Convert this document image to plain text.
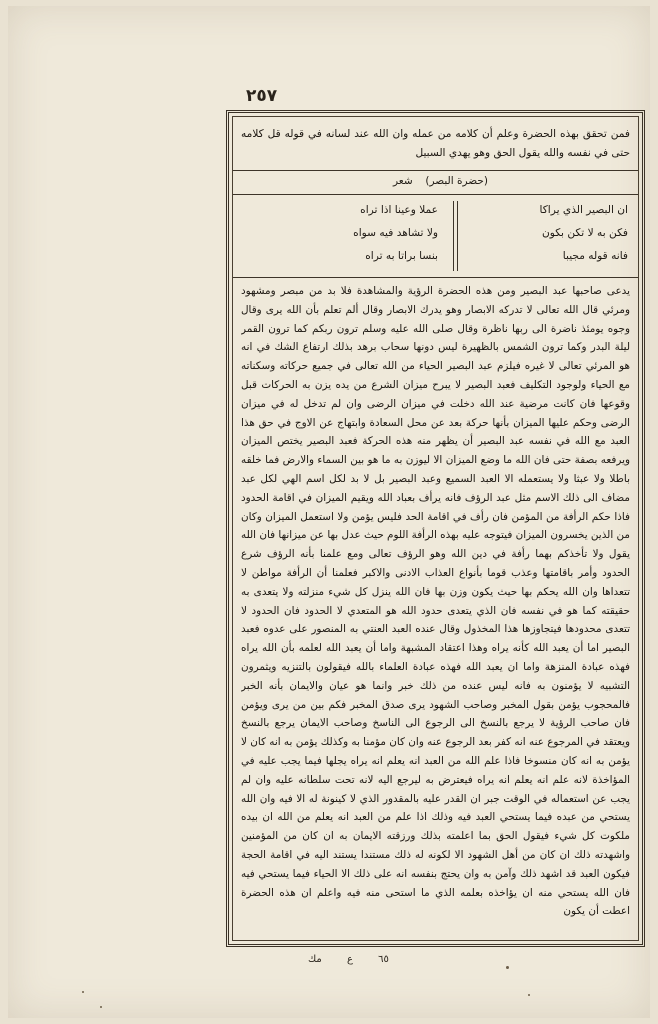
٢٥٧
فمن تحقق بهذه الحضرة وعلم أن كلامه من عمله وان الله عند لسانه في قوله قل كلامه حتى في نفسه والله يقول الحق وهو يهدي السبيل
(حضرة البصر)
شعر
ان البصير الذي يراكا
فكن به لا تكن بكون
فانه قوله مجيبا
عملا وعينا اذا تراه
ولا تشاهد فيه سواه
بنسا براتا به تراه

يدعى صاحبها عبد البصير ومن هذه الحضرة الرؤية والمشاهدة فلا بد من مبصر ومشهود ومرئي قال الله تعالى لا تدركه الابصار وهو يدرك الابصار وقال ألم تعلم بأن الله يرى وقال وجوه يومئذ ناضرة الى ربها ناظرة وقال صلى الله عليه وسلم ترون ربكم كما ترون القمر ليلة البدر وكما ترون الشمس بالظهيرة ليس دونها سحاب برهد بذلك ارتفاع الشك في انه هو المرئي تعالى لا غيره فيلزم عبد البصير الحياء من الله تعالى في جميع حركاته وسكناته مع الحياء ولوجود التكليف فعبد البصير لا يبرح ميزان الشرع من يده يزن به الحركات قبل وقوعها فان كانت مرضية عند الله دخلت في ميزان الرضى وان لم تدخل له في ميزان الرضى وحكم عليها الميزان بأنها حركة بعد عن محل السعادة وابتهاج عن الاوج في حق هذا العبد مع الله في نفسه عبد البصير أن يظهر منه هذه الحركة فعبد البصير يختص الميزان ويرفعه بصفة حتى فان الله ما وضع الميزان الا ليوزن به ما هو بين السماء والارض فما خلقه باطلا ولا عبثا ولا يستعمله الا العبد السميع وعبد البصير بل لا بد لكل اسم الهي لكل عبد مضاف الى ذلك الاسم مثل عبد الرؤف فانه يرأف بعباد الله ويقيم الميزان في اقامة الحدود فاذا حكم الرأفة من المؤمن فان رأف في اقامة الحد فليس يؤمن ولا استعمل الميزان وكان من الذين يخسرون الميزان فيتوجه عليه بهذه الرأفة اللوم حيث عدل بها عن ميزانها فان الله يقول ولا تأخذكم بهما رأفة في دين الله وهو الرؤف تعالى ومع علمنا بأنه الرؤف شرع الحدود وأمر باقامتها وعذب قوما بأنواع العذاب الادنى والاكبر فعلمنا أن الرأفة مواطن لا تتعداها وان الله يحكم بها حيث يكون وزن بها فان الله ينزل كل شيء منزلته ولا يتعدى به حقيقته كما هو في نفسه فان الذي يتعدى حدود الله هو المتعدي لا الحدود فان الحدود لا تتعدى محدودها فيتجاوزها هذا المخذول وقال عنده العبد العنتي به المنصور على عدوه فعبد البصير اما أن يعبد الله كأنه يراه وهذا اعتقاد المشبهة واما أن يعبد الله لعلمه بأن الله يراه فهذه عبادة المنزهة واما ان يعبد الله فهذه عبادة العلماء بالله فيقولون بالتنزيه ويثمرون التشبيه لا يؤمنون به فانه ليس عنده من ذلك خبر وانما هو عيان والايمان بأنه الخبر فالمحجوب يؤمن بقول المخبر وصاحب الشهود يرى صدق المخبر فكم بين من يرى ويؤمن فان صاحب الرؤية لا يرجع بالنسخ الى الرجوع الى الناسخ وصاحب الايمان يرجع بالنسخ ويعتقد في المرجوع عنه انه كفر بعد الرجوع عنه وان كان مؤمنا به وكذلك يؤمن به انه كان لا يؤمن به انه كان منسوخا فاذا علم الله من العبد انه يعلم انه يراه يجلها فيما يجب عليه في المؤاخذة لانه علم انه يعلم انه يراه فيعترض به ليرجع اليه لانه تحت سلطانه عليه وان لم يجب عن استعماله في الوقت جبر ان القدر عليه بالمقدور الذي لا كينونة له الا فيه وان الله يستحي من عبده فيما يستحي العبد فيه وذلك اذا علم من العبد انه يعلم من الله ان بيده ملكوت كل شيء فيقول الحق بما اعلمته بذلك ورزقته الايمان به ان كان من المؤمنين واشهدته ذلك ان كان من أهل الشهود الا لكونه له ذلك مستندا يستند اليه في اقامة الحجة فيكون العبد قد اشهد ذلك وآمن به وان يحتج بنفسه انه على ذلك الا الحياء فيما يستحي فيه فان الله يستحي منه ان يؤاخذه بعلمه الذي ما استحى منه فيه واعلم ان هذه الحضرة اعطت أن يكون

٦٥ ع مك
